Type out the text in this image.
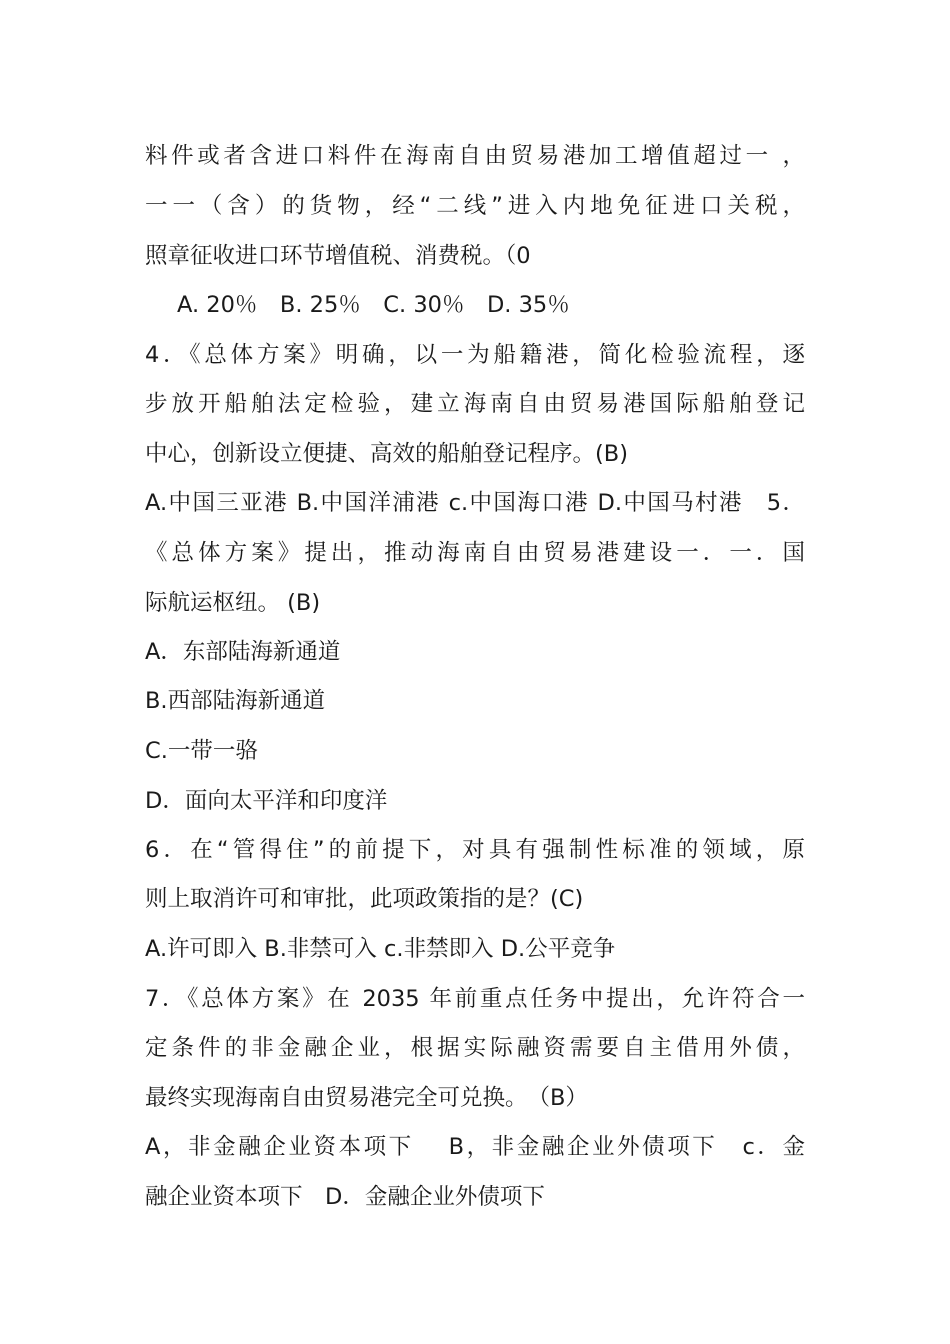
料件或者含进口料件在海南自由贸易港加工增值超过一 ，
一一（含）的货物，经“二线”进入内地免征进口关税，
照章征收进口环节增值税、消费税。（0
A. 20％　B. 25％　C. 30％　D. 35％
4．《总体方案》明确，以一为船籍港，简化检验流程，逐
步放开船舶法定检验，建立海南自由贸易港国际船舶登记
中心，创新设立便捷、高效的船舶登记程序。(B)
A.中国三亚港 B.中国洋浦港 c.中国海口港 D.中国马村港　5．
《总体方案》提出，推动海南自由贸易港建设一．一．国
际航运枢纽。 (B)
A．东部陆海新通道
B.西部陆海新通道
C.一带一骆
D．面向太平洋和印度洋
6．在“管得住”的前提下，对具有强制性标准的领域，原
则上取消许可和审批，此项政策指的是？(C)
A.许可即入 B.非禁可入 c.非禁即入 D.公平竞争
7．《总体方案》在 2035 年前重点任务中提出，允许符合一
定条件的非金融企业，根据实际融资需要自主借用外债，
最终实现海南自由贸易港完全可兑换。　（B）
A，非金融企业资本项下　 B，非金融企业外债项下　c．金
融企业资本项下　D．金融企业外债项下
